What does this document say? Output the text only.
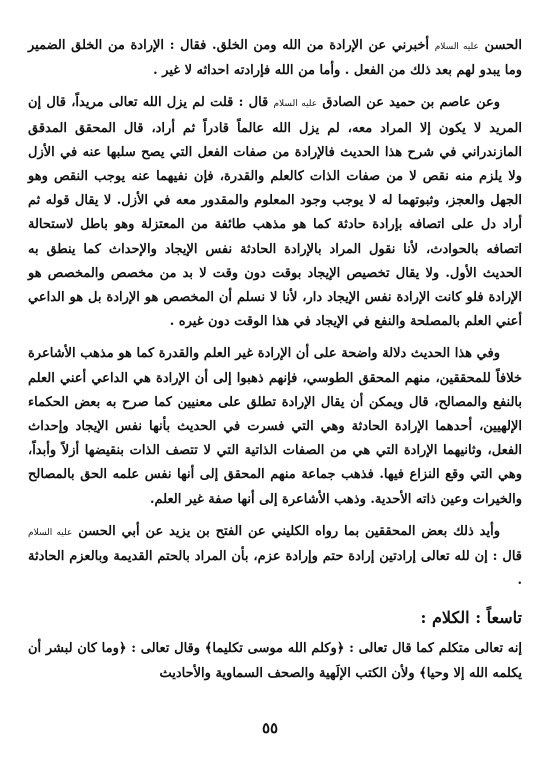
الحسن عليه السلام أخبرني عن الإرادة من الله ومن الخلق. فقال : الإرادة من الخلق الضمير وما يبدو لهم بعد ذلك من الفعل . وأما من الله فإرادته احداثه لا غير .

وعن عاصم بن حميد عن الصادق عليه السلام قال : قلت لم يزل الله تعالى مريداً، قال إن المريد لا يكون إلا المراد معه، لم يزل الله عالماً قادراً ثم أراد، قال المحقق المدقق المازندراني في شرح هذا الحديث فالإرادة من صفات الفعل التي يصح سلبها عنه في الأزل ولا يلزم منه نقص لا من صفات الذات كالعلم والقدرة، فإن نفيهما عنه يوجب النقص وهو الجهل والعجز، وثبوتهما له لا يوجب وجود المعلوم والمقدور معه في الأزل. لا يقال قوله ثم أراد دل على اتصافه بإرادة حادثة كما هو مذهب طائفة من المعتزلة وهو باطل لاستحالة اتصافه بالحوادث، لأنا نقول المراد بالإرادة الحادثة نفس الإيجاد والإحداث كما ينطق به الحديث الأول. ولا يقال تخصيص الإيجاد بوقت دون وقت لا بد من مخصص والمخصص هو الإرادة فلو كانت الإرادة نفس الإيجاد دار، لأنا لا نسلم أن المخصص هو الإرادة بل هو الداعي أعني العلم بالمصلحة والنفع في الإيجاد في هذا الوقت دون غيره .

وفي هذا الحديث دلالة واضحة على أن الإرادة غير العلم والقدرة كما هو مذهب الأشاعرة خلافاً للمحققين، منهم المحقق الطوسي، فإنهم ذهبوا إلى أن الإرادة هي الداعي أعني العلم بالنفع والمصالح، قال ويمكن أن يقال الإرادة تطلق على معنيين كما صرح به بعض الحكماء الإلهيين، أحدهما الإرادة الحادثة وهي التي فسرت في الحديث بأنها نفس الإيجاد وإحداث الفعل، وثانيهما الإرادة التي هي من الصفات الذاتية التي لا تتصف الذات بنقيضها أزلاً وأبداً، وهي التي وقع النزاع فيها. فذهب جماعة منهم المحقق إلى أنها نفس علمه الحق بالمصالح والخيرات وعين ذاته الأحدية. وذهب الأشاعرة إلى أنها صفة غير العلم.

وأيد ذلك بعض المحققين بما رواه الكليني عن الفتح بن يزيد عن أبي الحسن عليه السلام قال : إن لله تعالى إرادتين إرادة حتم وإرادة عزم، بأن المراد بالحتم القديمة وبالعزم الحادثة .

تاسعاً : الكلام :

إنه تعالى متكلم كما قال تعالى : ﴿وكلم الله موسى تكليما﴾ وقال تعالى : ﴿وما كان لبشر أن يكلمه الله إلا وحيا﴾ ولأن الكتب الإلَهية والصحف السماوية والأحاديث

٥٥
